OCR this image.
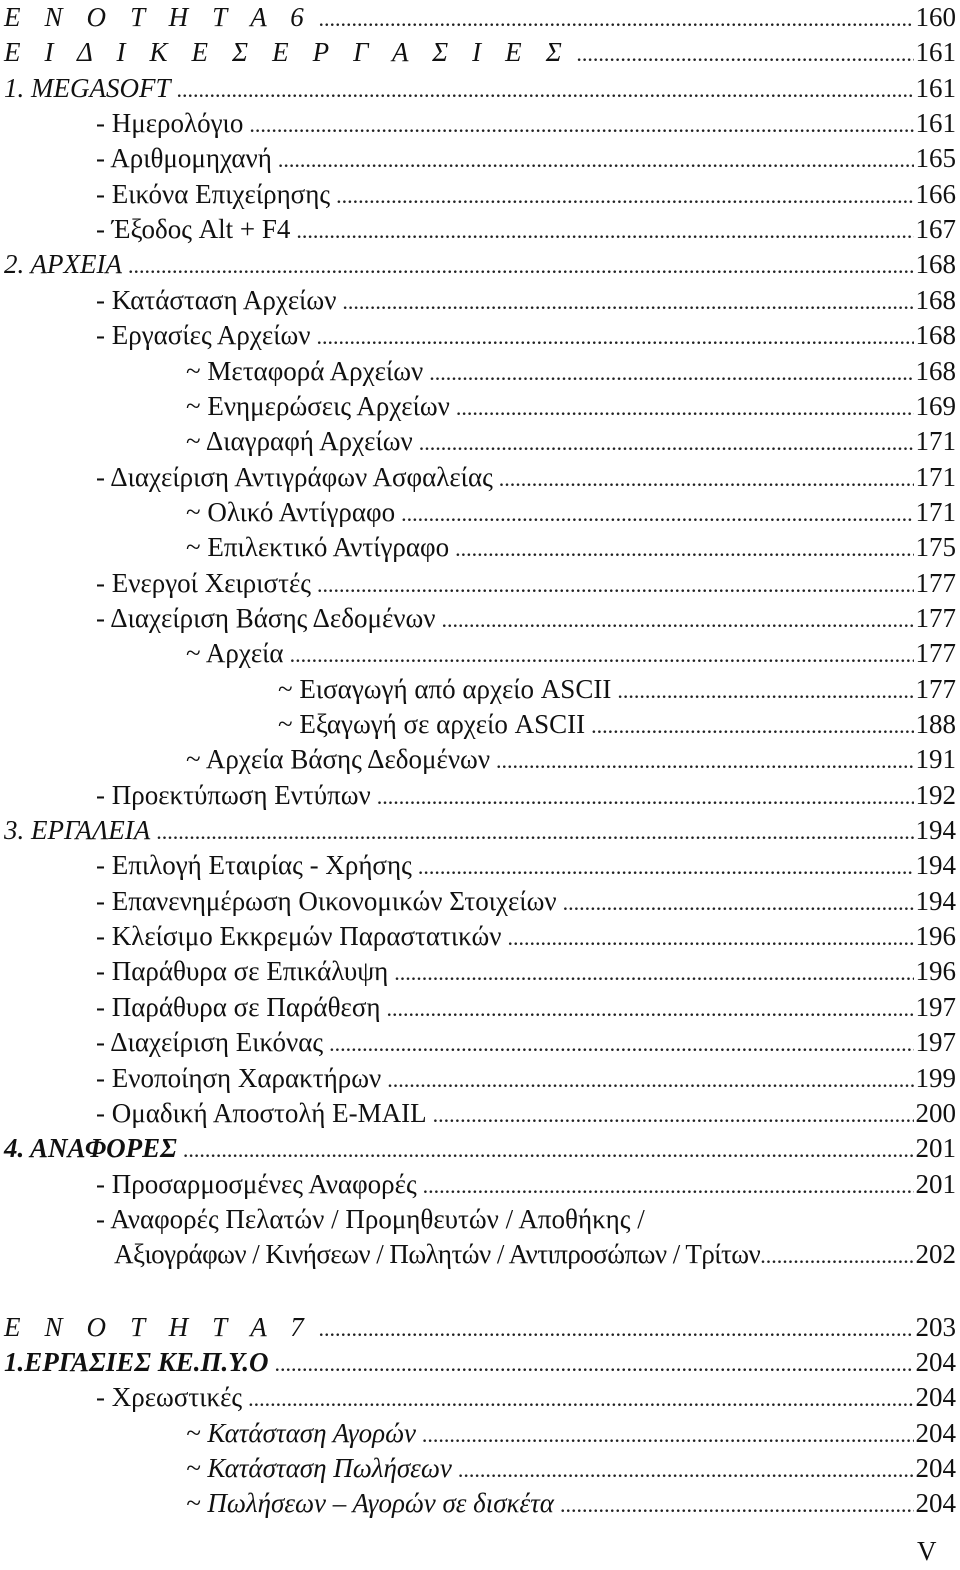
Ε Ν Ο Τ Η Τ Α 6 .....	160
Ε Ι Δ Ι Κ Ε Σ Ε Ρ Γ Α Σ Ι Ε Σ .....	161
1. MEGASOFT .....	161
- Ημερολόγιο .....	161
- Αριθμομηχανή .....	165
- Εικόνα Επιχείρησης .....	166
- Έξοδος Alt + F4 .....	167
2. ΑΡΧΕΙΑ .....	168
- Κατάσταση Αρχείων .....	168
- Εργασίες Αρχείων .....	168
~ Μεταφορά Αρχείων .....	168
~ Ενημερώσεις Αρχείων .....	169
~ Διαγραφή Αρχείων .....	171
- Διαχείριση Αντιγράφων Ασφαλείας .....	171
~ Ολικό Αντίγραφο .....	171
~ Επιλεκτικό Αντίγραφο .....	175
- Ενεργοί Χειριστές .....	177
- Διαχείριση Βάσης Δεδομένων .....	177
~ Αρχεία .....	177
~ Εισαγωγή από αρχείο ASCII .....	177
~ Εξαγωγή σε αρχείο ASCII .....	188
~ Αρχεία Βάσης Δεδομένων .....	191
- Προεκτύπωση Εντύπων .....	192
3. ΕΡΓΑΛΕΙΑ .....	194
- Επιλογή Εταιρίας - Χρήσης .....	194
- Επανενημέρωση Οικονομικών Στοιχείων .....	194
- Κλείσιμο Εκκρεμών Παραστατικών .....	196
- Παράθυρα σε Επικάλυψη .....	196
- Παράθυρα σε Παράθεση .....	197
- Διαχείριση Εικόνας .....	197
- Ενοποίηση Χαρακτήρων .....	199
- Ομαδική Αποστολή E-MAIL .....	200
4. ΑΝΑΦΟΡΕΣ .....	201
- Προσαρμοσμένες Αναφορές .....	201
- Αναφορές Πελατών / Προμηθευτών / Αποθήκης /
Αξιογράφων / Κινήσεων / Πωλητών / Αντιπροσώπων / Τρίτων .....	202
Ε Ν Ο Τ Η Τ Α 7 .....	203
1.ΕΡΓΑΣΙΕΣ ΚΕ.Π.Υ.Ο .....	204
- Χρεωστικές .....	204
~ Κατάσταση Αγορών .....	204
~ Κατάσταση Πωλήσεων .....	204
~ Πωλήσεων – Αγορών σε δισκέτα .....	204
V
